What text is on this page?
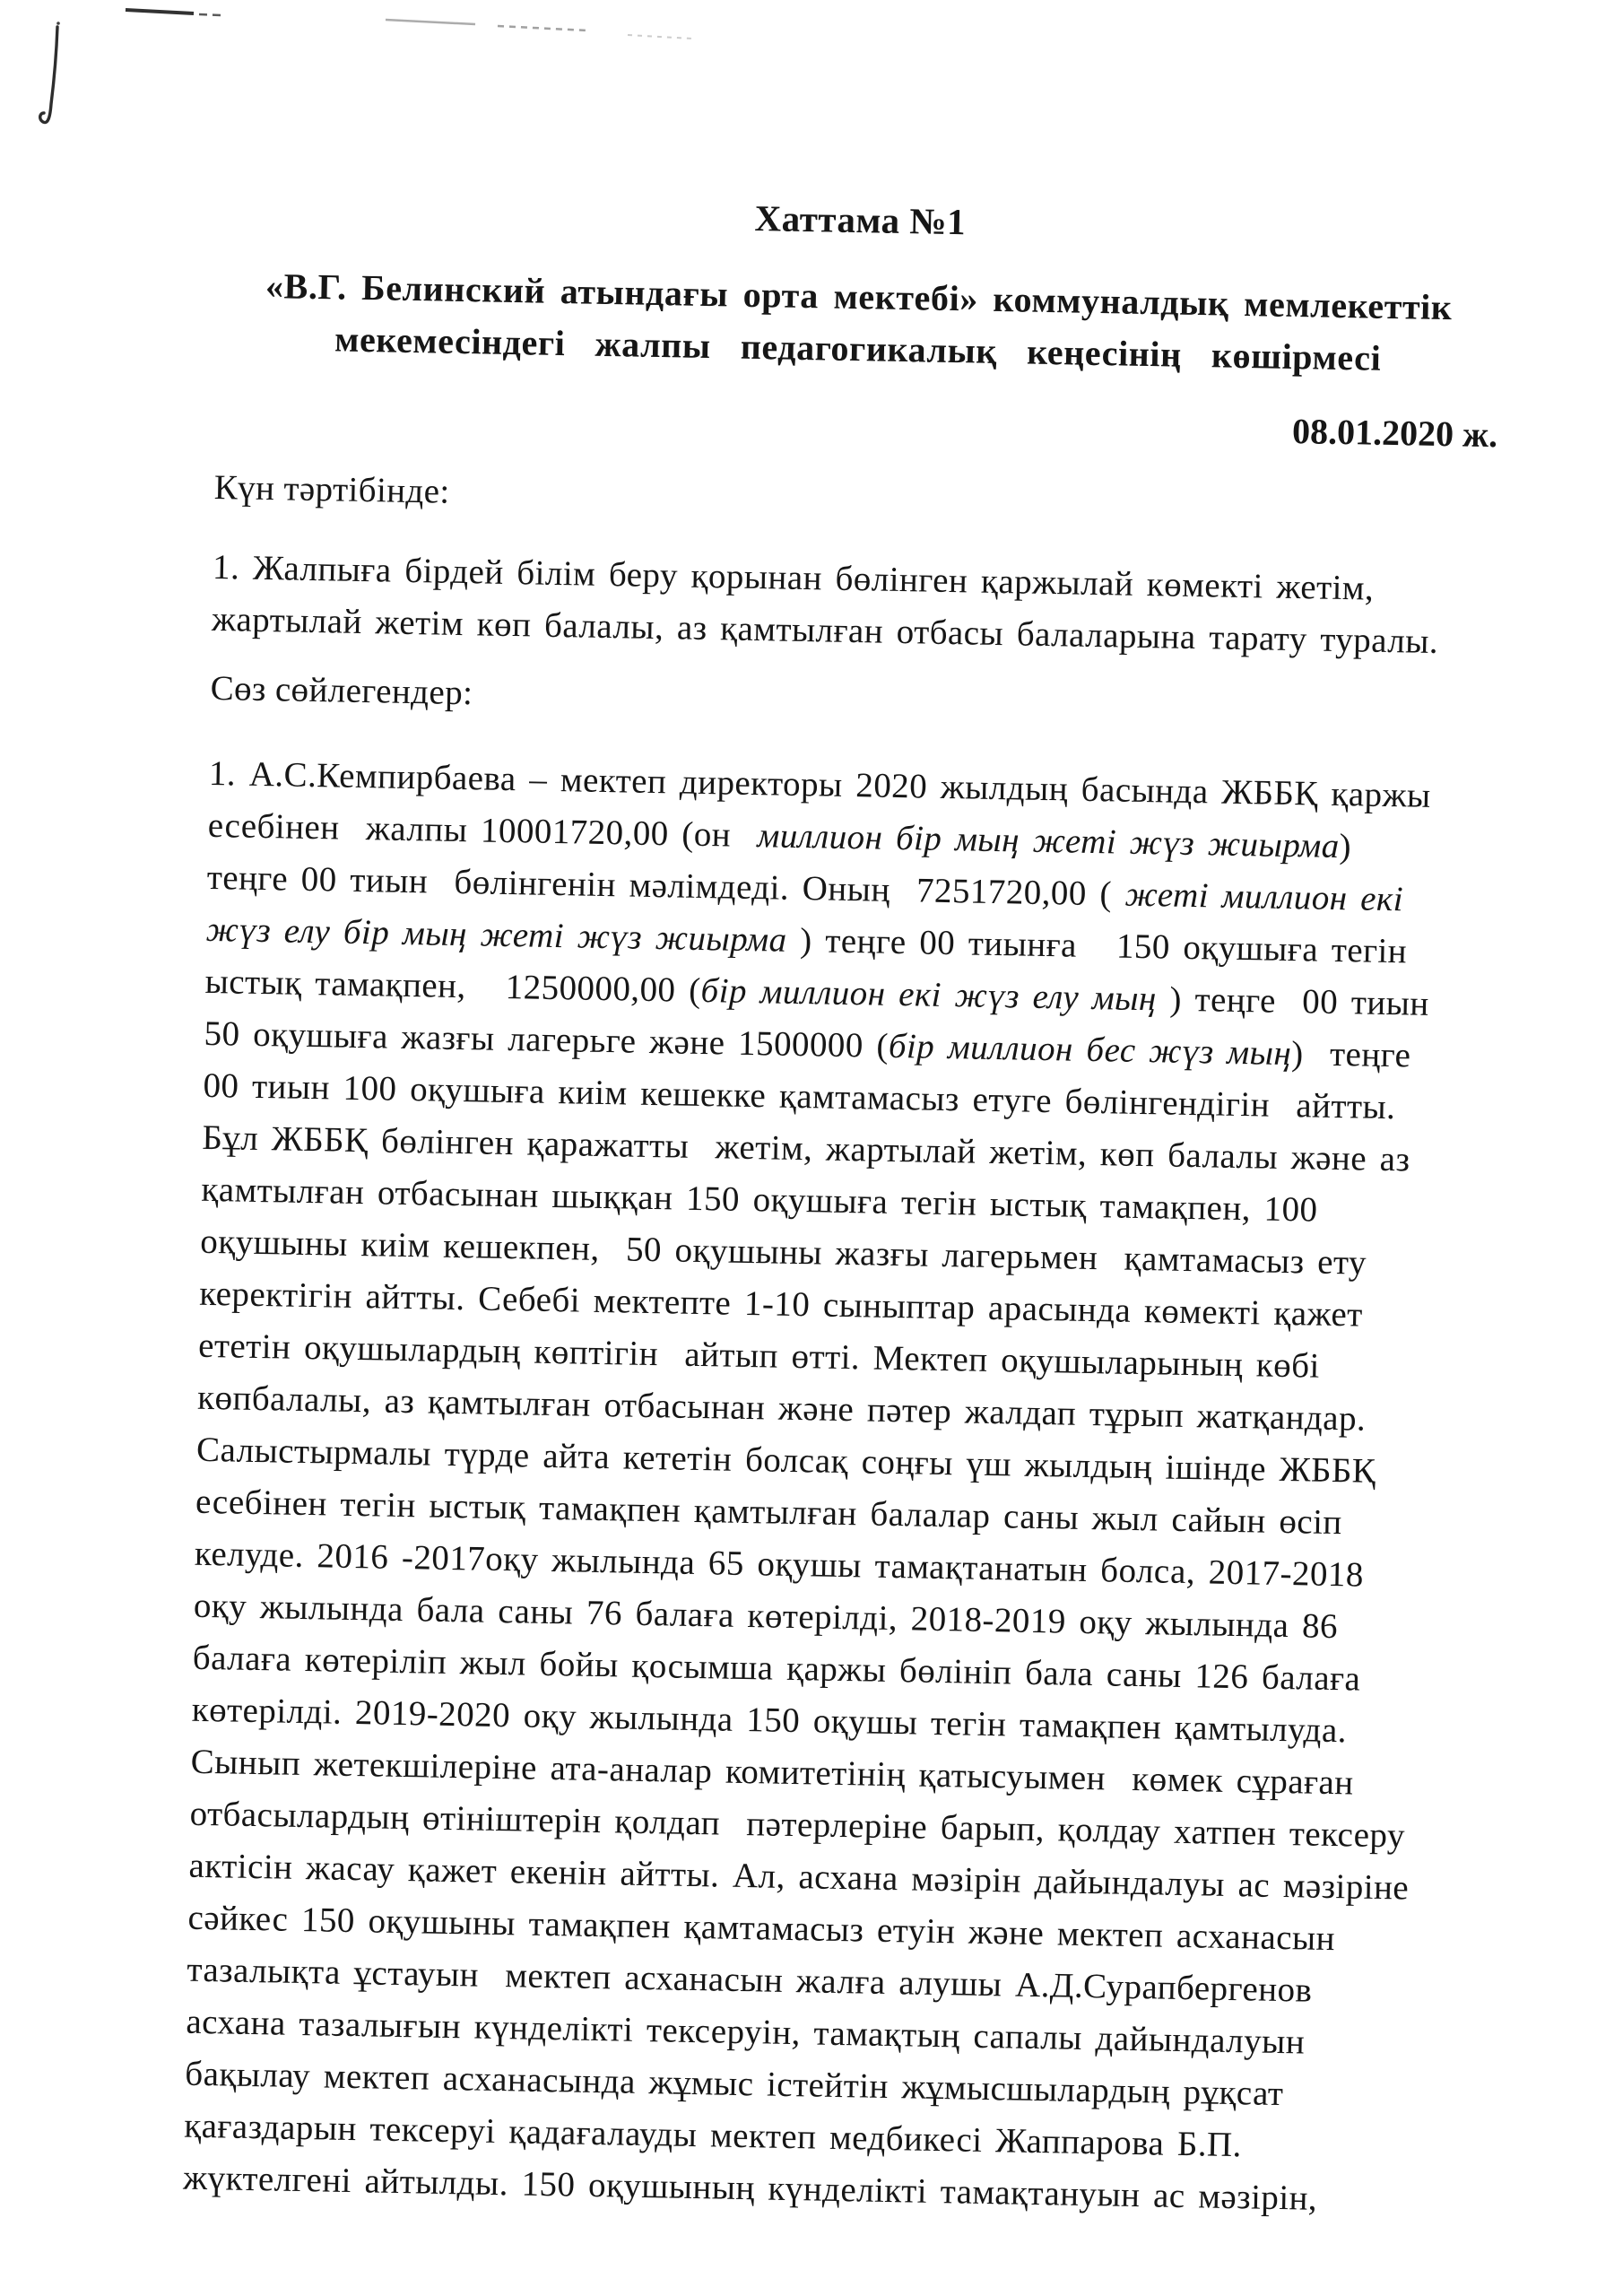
Хаттама №1
«В.Г. Белинский атындағы орта мектебі» коммуналдық мемлекеттік
мекемесіндегі  жалпы  педагогикалық  кеңесінің  көшірмесі
08.01.2020 ж.
Күн тәртібінде:
1. Жалпыға бірдей білім беру қорынан бөлінген қаржылай көмекті жетім,
жартылай жетім көп балалы, аз қамтылған отбасы балаларына тарату туралы.
Сөз сөйлегендер:
1. А.С.Кемпирбаева – мектеп директоры 2020 жылдың басында ЖББҚ қаржы
есебінен  жалпы 10001720,00 (он  миллион бір мың жеті жүз жиырма)
теңге 00 тиын  бөлінгенін мәлімдеді. Оның  7251720,00 ( жеті миллион екі
жүз елу бір мың жеті жүз жиырма ) теңге 00 тиынға   150 оқушыға тегін
ыстық тамақпен,   1250000,00 (бір миллион екі жүз елу мың ) теңге  00 тиын
50 оқушыға жазғы лагерьге және 1500000 (бір миллион бес жүз мың)  теңге
00 тиын 100 оқушыға киім кешекке қамтамасыз етуге бөлінгендігін  айтты.
Бұл ЖББҚ бөлінген қаражатты  жетім, жартылай жетім, көп балалы және аз
қамтылған отбасынан шыққан 150 оқушыға тегін ыстық тамақпен, 100
оқушыны киім кешекпен,  50 оқушыны жазғы лагерьмен  қамтамасыз ету
керектігін айтты. Себебі мектепте 1-10 сыныптар арасында көмекті қажет
ететін оқушылардың көптігін  айтып өтті. Мектеп оқушыларының көбі
көпбалалы, аз қамтылған отбасынан және пәтер жалдап тұрып жатқандар.
Салыстырмалы түрде айта кететін болсақ соңғы үш жылдың ішінде ЖББҚ
есебінен тегін ыстық тамақпен қамтылған балалар саны жыл сайын өсіп
келуде. 2016 -2017оқу жылында 65 оқушы тамақтанатын болса, 2017-2018
оқу жылында бала саны 76 балаға көтерілді, 2018-2019 оқу жылында 86
балаға көтеріліп жыл бойы қосымша қаржы бөлініп бала саны 126 балаға
көтерілді. 2019-2020 оқу жылында 150 оқушы тегін тамақпен қамтылуда.
Сынып жетекшілеріне ата-аналар комитетінің қатысуымен  көмек сұраған
отбасылардың өтініштерін қолдап  пәтерлеріне барып, қолдау хатпен тексеру
актісін жасау қажет екенін айтты. Ал, асхана мәзірін дайындалуы ас мәзіріне
сәйкес 150 оқушыны тамақпен қамтамасыз етуін және мектеп асханасын
тазалықта ұстауын  мектеп асханасын жалға алушы А.Д.Сурапбергенов
асхана тазалығын күнделікті тексеруін, тамақтың сапалы дайындалуын
бақылау мектеп асханасында жұмыс істейтін жұмысшылардың рұқсат
қағаздарын тексеруі қадағалауды мектеп медбикесі Жаппарова Б.П.
жүктелгені айтылды. 150 оқушының күнделікті тамақтануын ас мәзірін,
